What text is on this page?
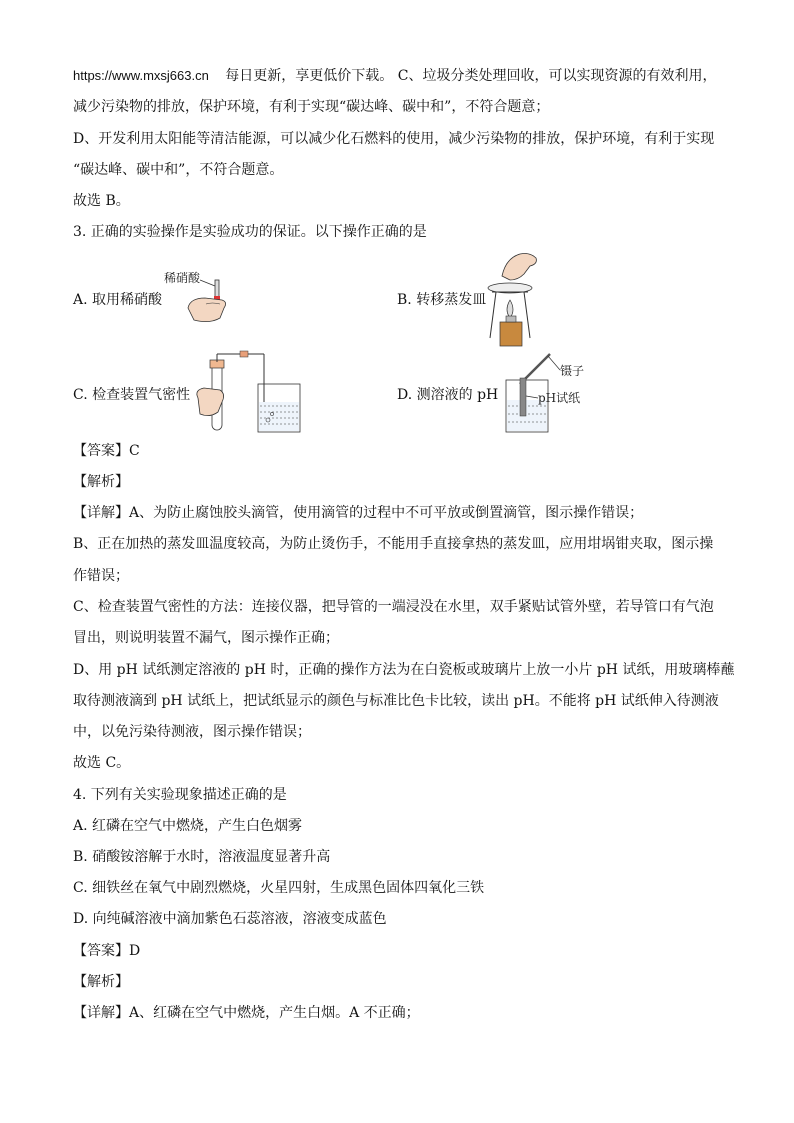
https://www.mxsj663.cn 每日更新，享更低价下载。 C、垃圾分类处理回收，可以实现资源的有效利用，
减少污染物的排放，保护环境，有利于实现“碳达峰、碳中和”，不符合题意；
D、开发利用太阳能等清洁能源，可以减少化石燃料的使用，减少污染物的排放，保护环境，有利于实现
“碳达峰、碳中和”，不符合题意。
故选 B。
3. 正确的实验操作是实验成功的保证。以下操作正确的是
A. 取用稀硝酸	B. 转移蒸发皿
C. 检查装置气密性	D. 测溶液的 pH
稀硝酸
镊子
pH试纸
【答案】C
【解析】
【详解】A、为防止腐蚀胶头滴管，使用滴管的过程中不可平放或倒置滴管，图示操作错误；
B、正在加热的蒸发皿温度较高，为防止烫伤手，不能用手直接拿热的蒸发皿，应用坩埚钳夹取，图示操
作错误；
C、检查装置气密性的方法：连接仪器，把导管的一端浸没在水里，双手紧贴试管外壁，若导管口有气泡
冒出，则说明装置不漏气，图示操作正确；
D、用 pH 试纸测定溶液的 pH 时，正确的操作方法为在白瓷板或玻璃片上放一小片 pH 试纸，用玻璃棒蘸
取待测液滴到 pH 试纸上，把试纸显示的颜色与标准比色卡比较，读出 pH。不能将 pH 试纸伸入待测液
中，以免污染待测液，图示操作错误；
故选 C。
4. 下列有关实验现象描述正确的是
A. 红磷在空气中燃烧，产生白色烟雾
B. 硝酸铵溶解于水时，溶液温度显著升高
C. 细铁丝在氧气中剧烈燃烧，火星四射，生成黑色固体四氧化三铁
D. 向纯碱溶液中滴加紫色石蕊溶液，溶液变成蓝色
【答案】D
【解析】
【详解】A、红磷在空气中燃烧，产生白烟。A 不正确；
